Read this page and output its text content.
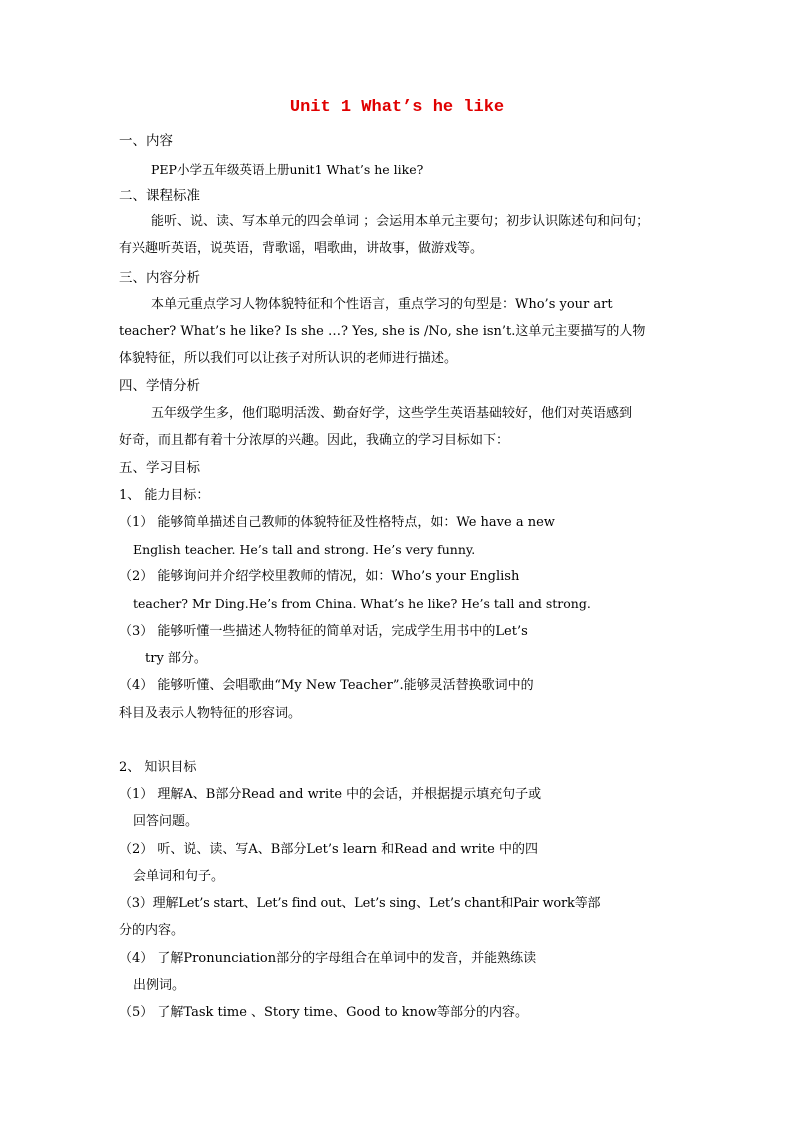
Unit 1 What’s he like
一、内容
PEP小学五年级英语上册unit1 What’s he like?
二、课程标准
能听、说、读、写本单元的四会单词 ；会运用本单元主要句；初步认识陈述句和问句；
有兴趣听英语，说英语，背歌谣，唱歌曲，讲故事，做游戏等。
三、内容分析
本单元重点学习人物体貌特征和个性语言，重点学习的句型是：Who’s your art
teacher? What’s he like? Is she …? Yes, she is /No, she isn’t.这单元主要描写的人物
体貌特征，所以我们可以让孩子对所认识的老师进行描述。
四、学情分析
五年级学生多，他们聪明活泼、勤奋好学，这些学生英语基础较好，他们对英语感到
好奇，而且都有着十分浓厚的兴趣。因此，我确立的学习目标如下：
五、学习目标
1、 能力目标：
（1） 能够简单描述自己教师的体貌特征及性格特点，如：We have a new
English teacher. He’s tall and strong. He’s very funny.
（2） 能够询问并介绍学校里教师的情况，如：Who’s your English
teacher? Mr Ding.He’s from China. What’s he like? He’s tall and strong.
（3） 能够听懂一些描述人物特征的简单对话，完成学生用书中的Let’s
try 部分。
（4） 能够听懂、会唱歌曲“My New Teacher”.能够灵活替换歌词中的
科目及表示人物特征的形容词。
2、 知识目标
（1） 理解A、B部分Read and write 中的会话，并根据提示填充句子或
回答问题。
（2） 听、说、读、写A、B部分Let’s learn 和Read and write 中的四
会单词和句子。
（3）理解Let’s start、Let’s find out、Let’s sing、Let’s chant和Pair work等部
分的内容。
（4） 了解Pronunciation部分的字母组合在单词中的发音，并能熟练读
出例词。
（5） 了解Task time 、Story time、Good to know等部分的内容。
